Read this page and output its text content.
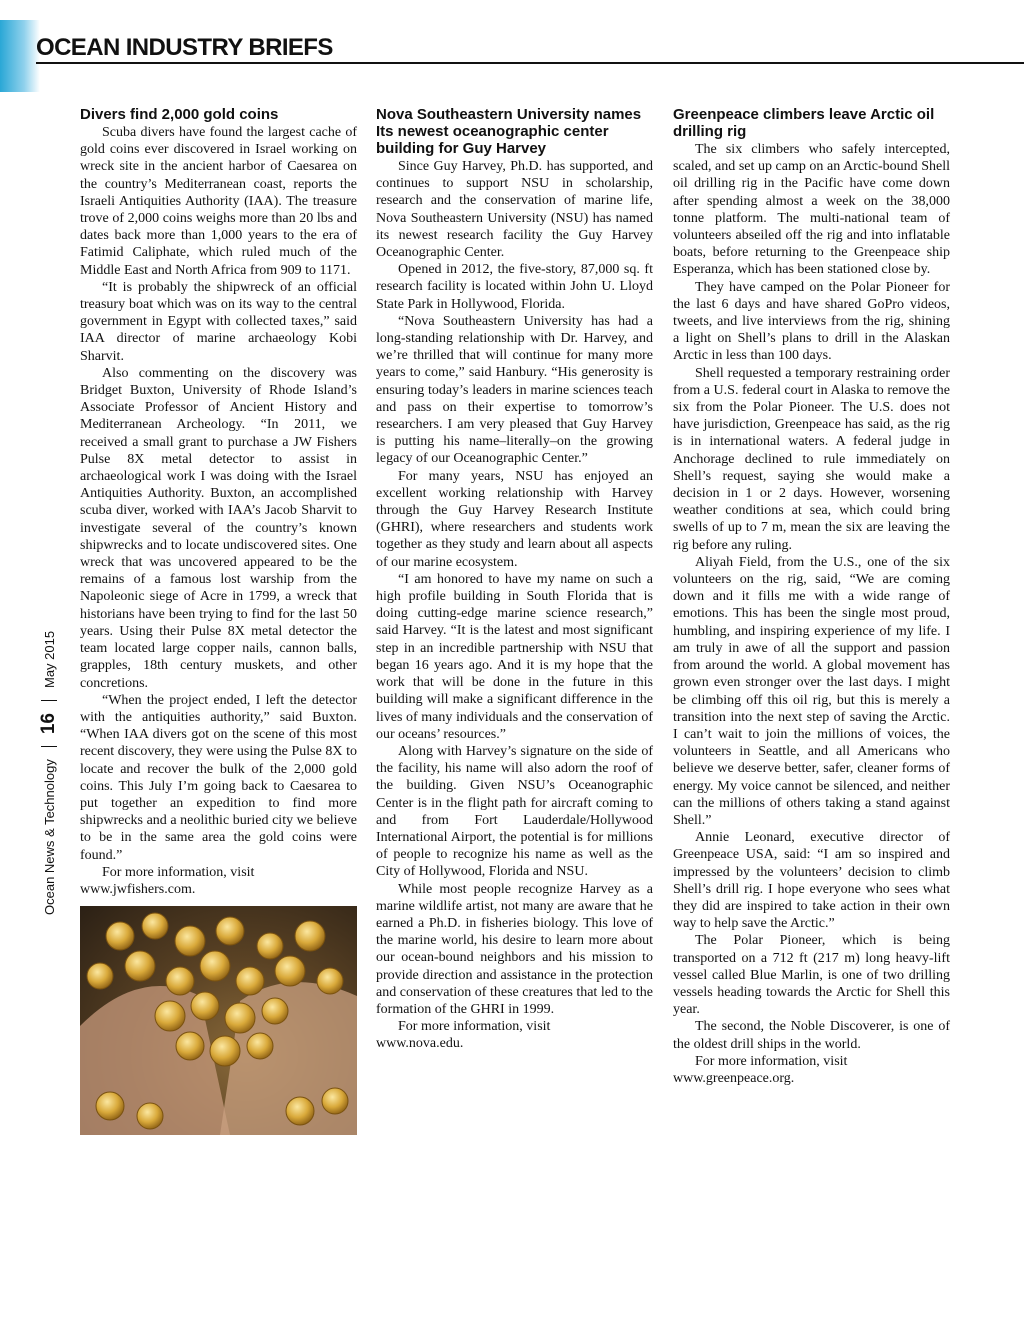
OCEAN INDUSTRY BRIEFS
Ocean News & Technology
16
May 2015
Divers find 2,000 gold coins

Scuba divers have found the largest cache of gold coins ever discovered in Israel working on wreck site in the ancient harbor of Caesarea on the country’s Mediterranean coast, reports the Israeli Antiquities Authority (IAA). The treasure trove of 2,000 coins weighs more than 20 lbs and dates back more than 1,000 years to the era of Fatimid Caliphate, which ruled much of the Middle East and North Africa from 909 to 1171.

“It is probably the shipwreck of an official treasury boat which was on its way to the central government in Egypt with collected taxes,” said IAA director of marine archaeology Kobi Sharvit.

Also commenting on the discovery was Bridget Buxton, University of Rhode Island’s Associate Professor of Ancient History and Mediterranean Archeology. “In 2011, we received a small grant to purchase a JW Fishers Pulse 8X metal detector to assist in archaeological work I was doing with the Israel Antiquities Authority. Buxton, an accomplished scuba diver, worked with IAA’s Jacob Sharvit to investigate several of the country’s known shipwrecks and to locate undiscovered sites. One wreck that was uncovered appeared to be the remains of a famous lost warship from the Napoleonic siege of Acre in 1799, a wreck that historians have been trying to find for the last 50 years. Using their Pulse 8X metal detector the team located large copper nails, cannon balls, grapples, 18th century muskets, and other concretions.

“When the project ended, I left the detector with the antiquities authority,” said Buxton. “When IAA divers got on the scene of this most recent discovery, they were using the Pulse 8X to locate and recover the bulk of the 2,000 gold coins. This July I’m going back to Caesarea to put together an expedition to find more shipwrecks and a neolithic buried city we believe to be in the same area the gold coins were found.”

For more information, visit

www.jwfishers.com.

Nova Southeastern University names Its newest oceanographic center building for Guy Harvey

Since Guy Harvey, Ph.D. has supported, and continues to support NSU in scholarship, research and the conservation of marine life, Nova Southeastern University (NSU) has named its newest research facility the Guy Harvey Oceanographic Center.

Opened in 2012, the five-story, 87,000 sq. ft research facility is located within John U. Lloyd State Park in Hollywood, Florida.

“Nova Southeastern University has had a long-standing relationship with Dr. Harvey, and we’re thrilled that will continue for many more years to come,” said Hanbury. “His generosity is ensuring today’s leaders in marine sciences teach and pass on their expertise to tomorrow’s researchers. I am very pleased that Guy Harvey is putting his name–literally–on the growing legacy of our Oceanographic Center.”

For many years, NSU has enjoyed an excellent working relationship with Harvey through the Guy Harvey Research Institute (GHRI), where researchers and students work together as they study and learn about all aspects of our marine ecosystem.

“I am honored to have my name on such a high profile building in South Florida that is doing cutting-edge marine science research,” said Harvey. “It is the latest and most significant step in an incredible partnership with NSU that began 16 years ago. And it is my hope that the work that will be done in the future in this building will make a significant difference in the lives of many individuals and the conservation of our oceans’ resources.”

Along with Harvey’s signature on the side of the facility, his name will also adorn the roof of the building. Given NSU’s Oceanographic Center is in the flight path for aircraft coming to and from Fort Lauderdale/Hollywood International Airport, the potential is for millions of people to recognize his name as well as the City of Hollywood, Florida and NSU.

While most people recognize Harvey as a marine wildlife artist, not many are aware that he earned a Ph.D. in fisheries biology. This love of the marine world, his desire to learn more about our ocean-bound neighbors and his mission to provide direction and assistance in the protection and conservation of these creatures that led to the formation of the GHRI in 1999.

For more information, visit

www.nova.edu.

Greenpeace climbers leave Arctic oil drilling rig

The six climbers who safely intercepted, scaled, and set up camp on an Arctic-bound Shell oil drilling rig in the Pacific have come down after spending almost a week on the 38,000 tonne platform. The multi-national team of volunteers abseiled off the rig and into inflatable boats, before returning to the Greenpeace ship Esperanza, which has been stationed close by.

They have camped on the Polar Pioneer for the last 6 days and have shared GoPro videos, tweets, and live interviews from the rig, shining a light on Shell’s plans to drill in the Alaskan Arctic in less than 100 days.

Shell requested a temporary restraining order from a U.S. federal court in Alaska to remove the six from the Polar Pioneer. The U.S. does not have jurisdiction, Greenpeace has said, as the rig is in international waters. A federal judge in Anchorage declined to rule immediately on Shell’s request, saying she would make a decision in 1 or 2 days. However, worsening weather conditions at sea, which could bring swells of up to 7 m, mean the six are leaving the rig before any ruling.

Aliyah Field, from the U.S., one of the six volunteers on the rig, said, “We are coming down and it fills me with a wide range of emotions. This has been the single most proud, humbling, and inspiring experience of my life. I am truly in awe of all the support and passion from around the world. A global movement has grown even stronger over the last days. I might be climbing off this oil rig, but this is merely a transition into the next step of saving the Arctic. I can’t wait to join the millions of voices, the volunteers in Seattle, and all Americans who believe we deserve better, safer, cleaner forms of energy. My voice cannot be silenced, and neither can the millions of others taking a stand against Shell.”

Annie Leonard, executive director of Greenpeace USA, said: “I am so inspired and impressed by the volunteers’ decision to climb Shell’s drill rig. I hope everyone who sees what they did are inspired to take action in their own way to help save the Arctic.”

The Polar Pioneer, which is being transported on a 712 ft (217 m) long heavy-lift vessel called Blue Marlin, is one of two drilling vessels heading towards the Arctic for Shell this year.

The second, the Noble Discoverer, is one of the oldest drill ships in the world.

For more information, visit

www.greenpeace.org.
